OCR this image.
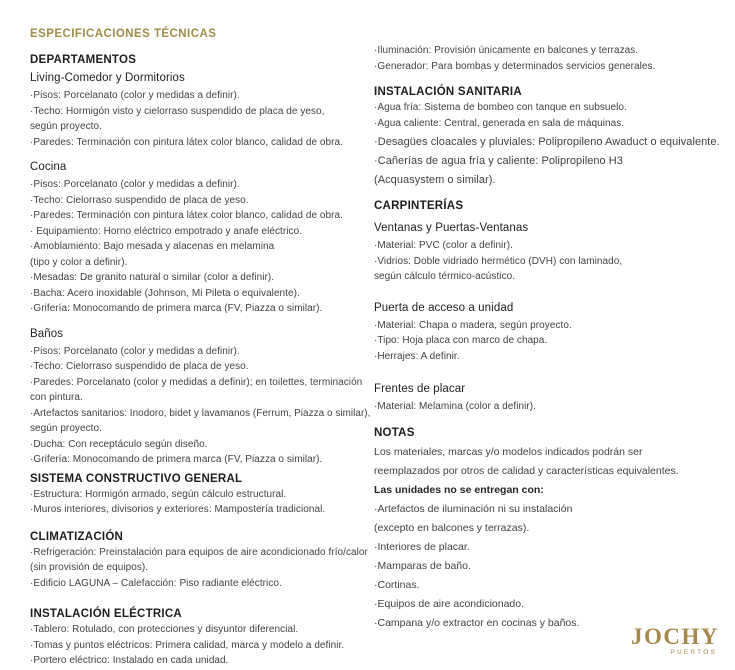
ESPECIFICACIONES TÉCNICAS
DEPARTAMENTOS
Living-Comedor y Dormitorios

·Pisos: Porcelanato (color y medidas a definir).

·Techo: Hormigón visto y cielorraso suspendido de placa de yeso,

según proyecto.

·Paredes: Terminación con pintura látex color blanco, calidad de obra.

Cocina

·Pisos: Porcelanato (color y medidas a definir).

·Techo: Cielorraso suspendido de placa de yeso.

·Paredes: Terminación con pintura látex color blanco, calidad de obra.

· Equipamiento: Horno eléctrico empotrado y anafe eléctrico.

·Amoblamiento: Bajo mesada y alacenas en melamina

(tipo y color a definir).

·Mesadas: De granito natural o similar (color a definir).

·Bacha: Acero inoxidable (Johnson, Mi Pileta o equivalente).

·Grifería: Monocomando de primera marca (FV, Piazza o similar).

Baños

·Pisos: Porcelanato (color y medidas a definir).

·Techo: Cielorraso suspendido de placa de yeso.

·Paredes: Porcelanato (color y medidas a definir); en toilettes, terminación

con pintura.

·Artefactos sanitarios: Inodoro, bidet y lavamanos (Ferrum, Piazza o similar),

según proyecto.

·Ducha: Con receptáculo según diseño.

·Grifería: Monocomando de primera marca (FV, Piazza o similar).

SISTEMA CONSTRUCTIVO GENERAL

·Estructura: Hormigón armado, según cálculo estructural.

·Muros interiores, divisorios y exteriores: Mampostería tradicional.

CLIMATIZACIÓN

·Refrigeración: Preinstalación para equipos de aire acondicionado frío/calor

(sin provisión de equipos).

·Edificio LAGUNA – Calefacción: Piso radiante eléctrico.

INSTALACIÓN ELÉCTRICA

·Tablero: Rotulado, con protecciones y disyuntor diferencial.

·Tomas y puntos eléctricos: Primera calidad, marca y modelo a definir.

·Portero eléctrico: Instalado en cada unidad.

·Iluminación: Provisión únicamente en balcones y terrazas.

·Generador: Para bombas y determinados servicios generales.

INSTALACIÓN SANITARIA

·Agua fría: Sistema de bombeo con tanque en subsuelo.

·Agua caliente: Central, generada en sala de máquinas.

·Desagües cloacales y pluviales: Polipropileno Awaduct o equivalente.

·Cañerías de agua fría y caliente: Polipropileno H3

(Acquasystem o similar).

CARPINTERÍAS
Ventanas y Puertas-Ventanas

·Material: PVC (color a definir).

·Vidrios: Doble vidriado hermético (DVH) con laminado,

según cálculo térmico-acústico.

Puerta de acceso a unidad

·Material: Chapa o madera, según proyecto.

·Tipo: Hoja placa con marco de chapa.

·Herrajes: A definir.

Frentes de placar

·Material: Melamina (color a definir).

NOTAS

Los materiales, marcas y/o modelos indicados podrán ser

reemplazados por otros de calidad y características equivalentes.

Las unidades no se entregan con:

·Artefactos de iluminación ni su instalación

(excepto en balcones y terrazas).

·Interiores de placar.

·Mamparas de baño.

·Cortinas.

·Equipos de aire acondicionado.

·Campana y/o extractor en cocinas y baños.

JOCHY
PUERTOS
